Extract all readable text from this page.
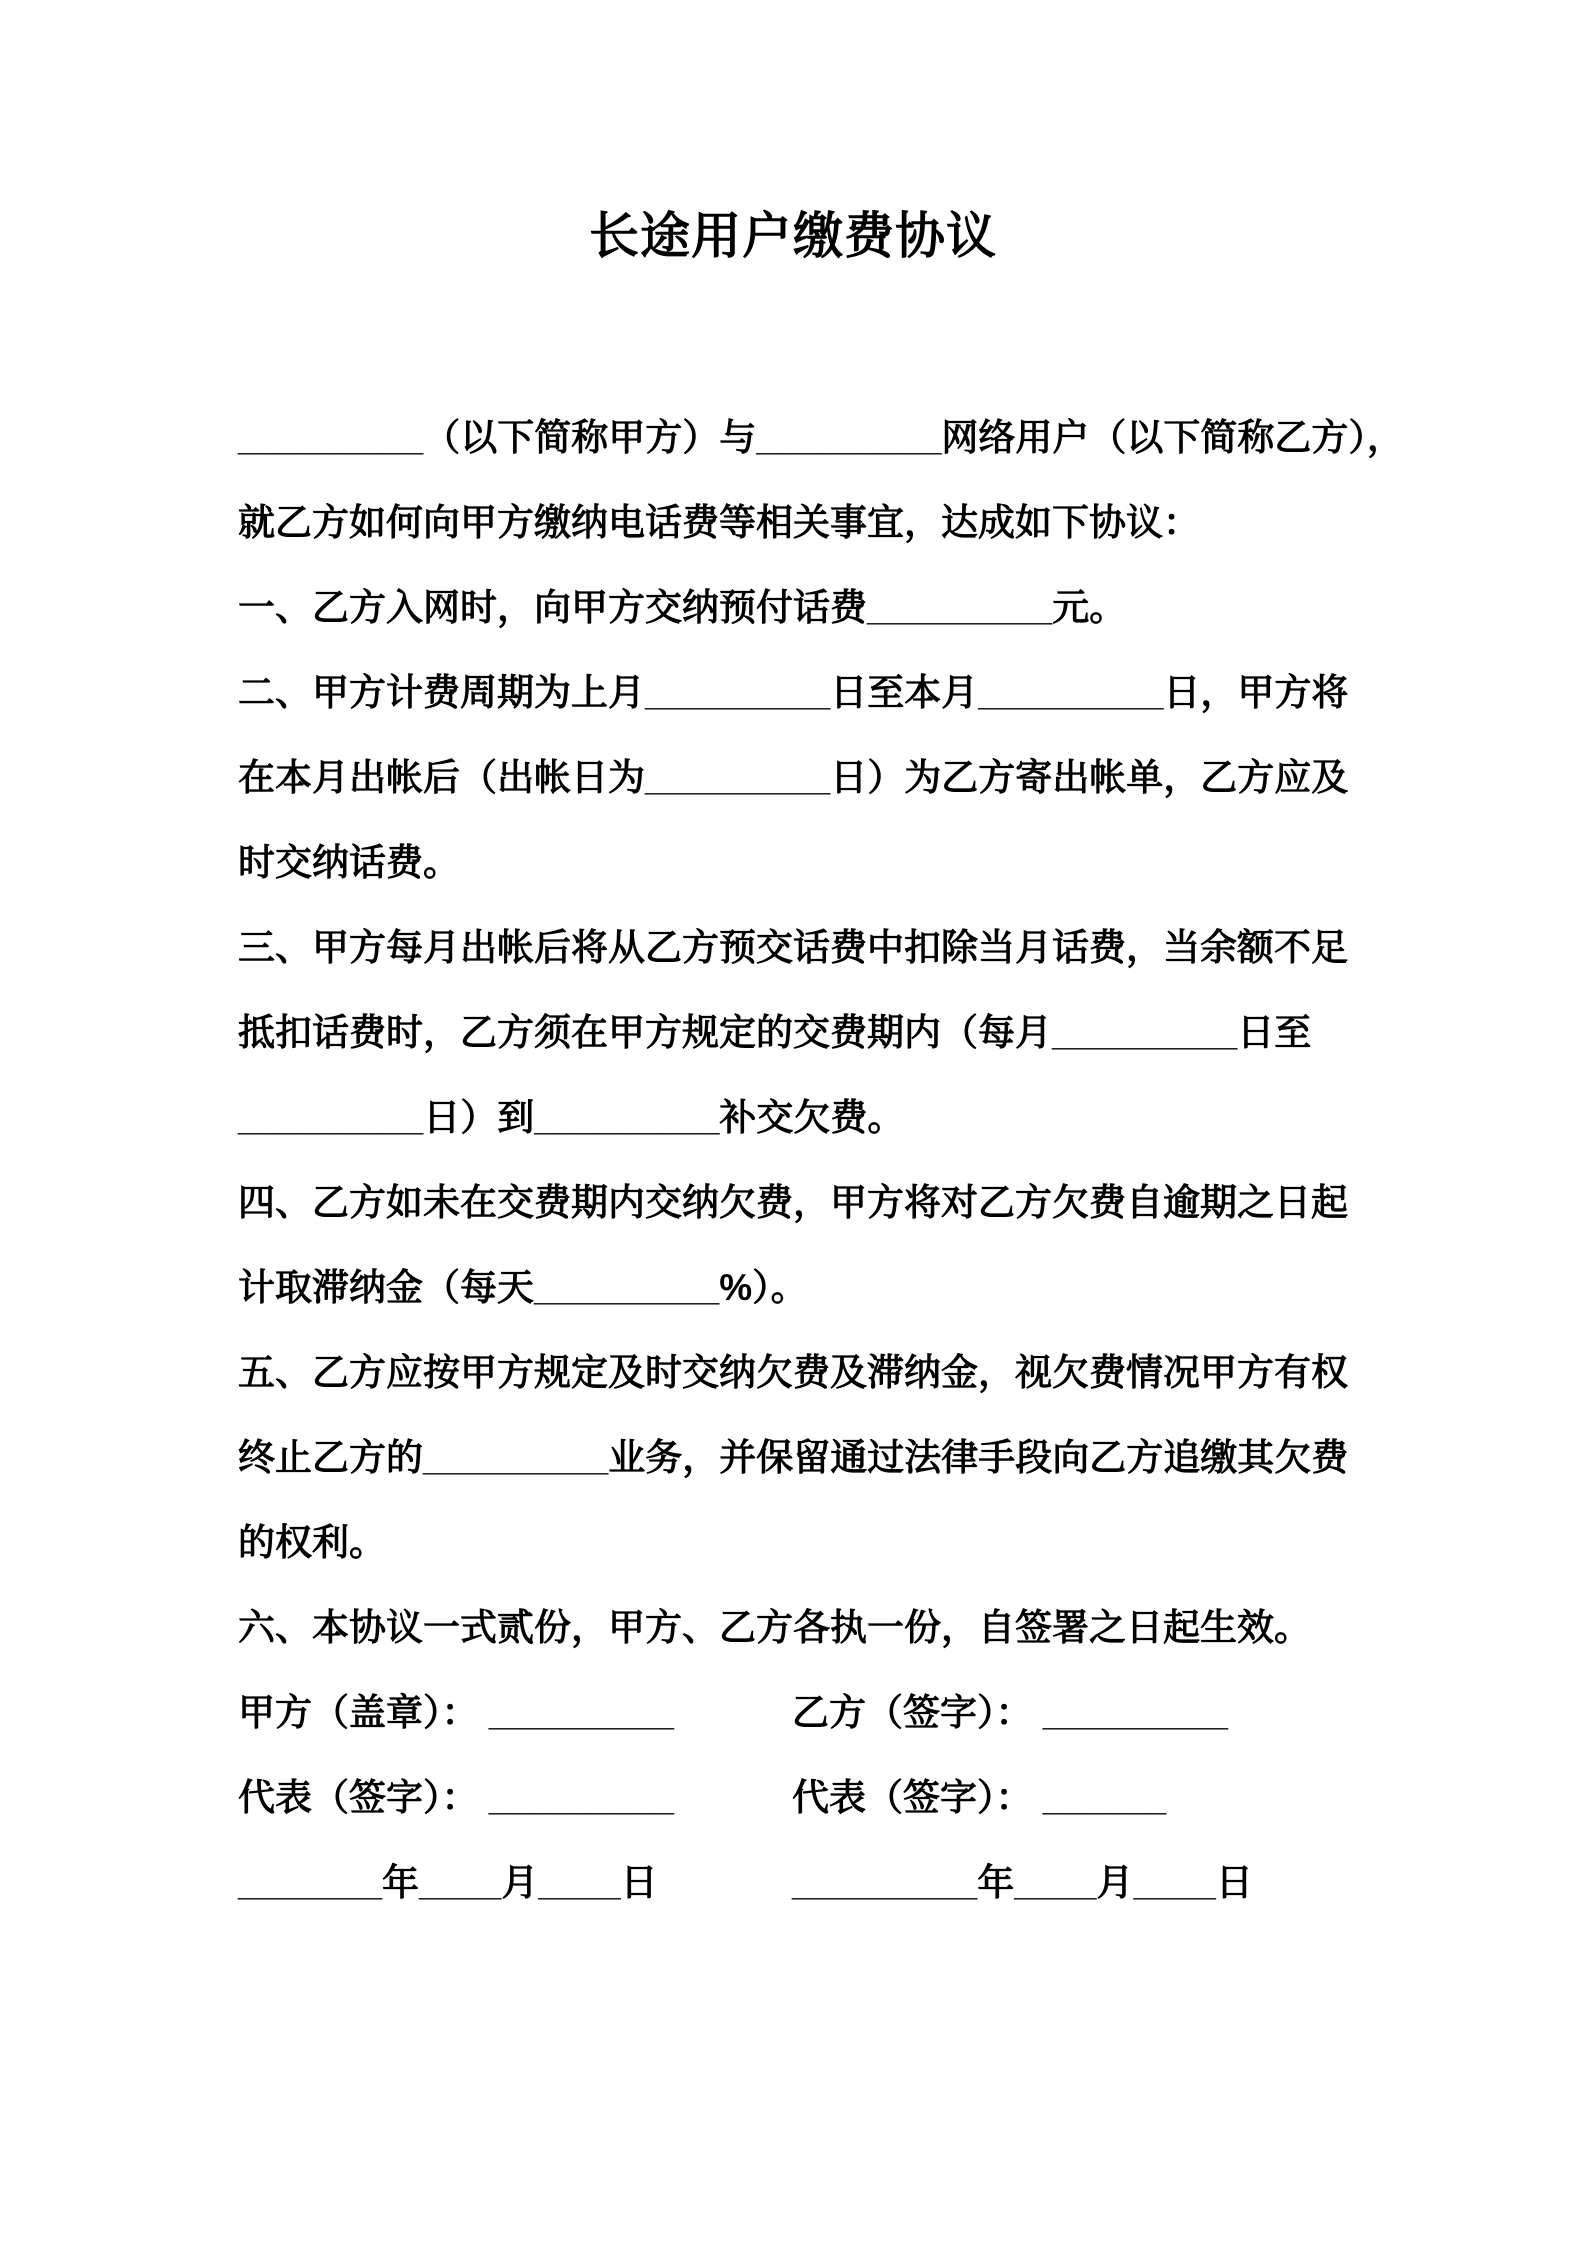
长途用户缴费协议
_________（以下简称甲方）与_________网络用户（以下简称乙方），
就乙方如何向甲方缴纳电话费等相关事宜，达成如下协议：
一、乙方入网时，向甲方交纳预付话费_________元。
二、甲方计费周期为上月_________日至本月_________日，甲方将
在本月出帐后（出帐日为_________日）为乙方寄出帐单，乙方应及
时交纳话费。
三、甲方每月出帐后将从乙方预交话费中扣除当月话费，当余额不足
抵扣话费时，乙方须在甲方规定的交费期内（每月_________日至
_________日）到_________补交欠费。
四、乙方如未在交费期内交纳欠费，甲方将对乙方欠费自逾期之日起
计取滞纳金（每天_________%）。
五、乙方应按甲方规定及时交纳欠费及滞纳金，视欠费情况甲方有权
终止乙方的_________业务，并保留通过法律手段向乙方追缴其欠费
的权利。
六、本协议一式贰份，甲方、乙方各执一份，自签署之日起生效。
甲方（盖章）： _________	乙方（签字）： _________
代表（签字）： _________	代表（签字）： ______
_______年____月____日	_________年____月____日
